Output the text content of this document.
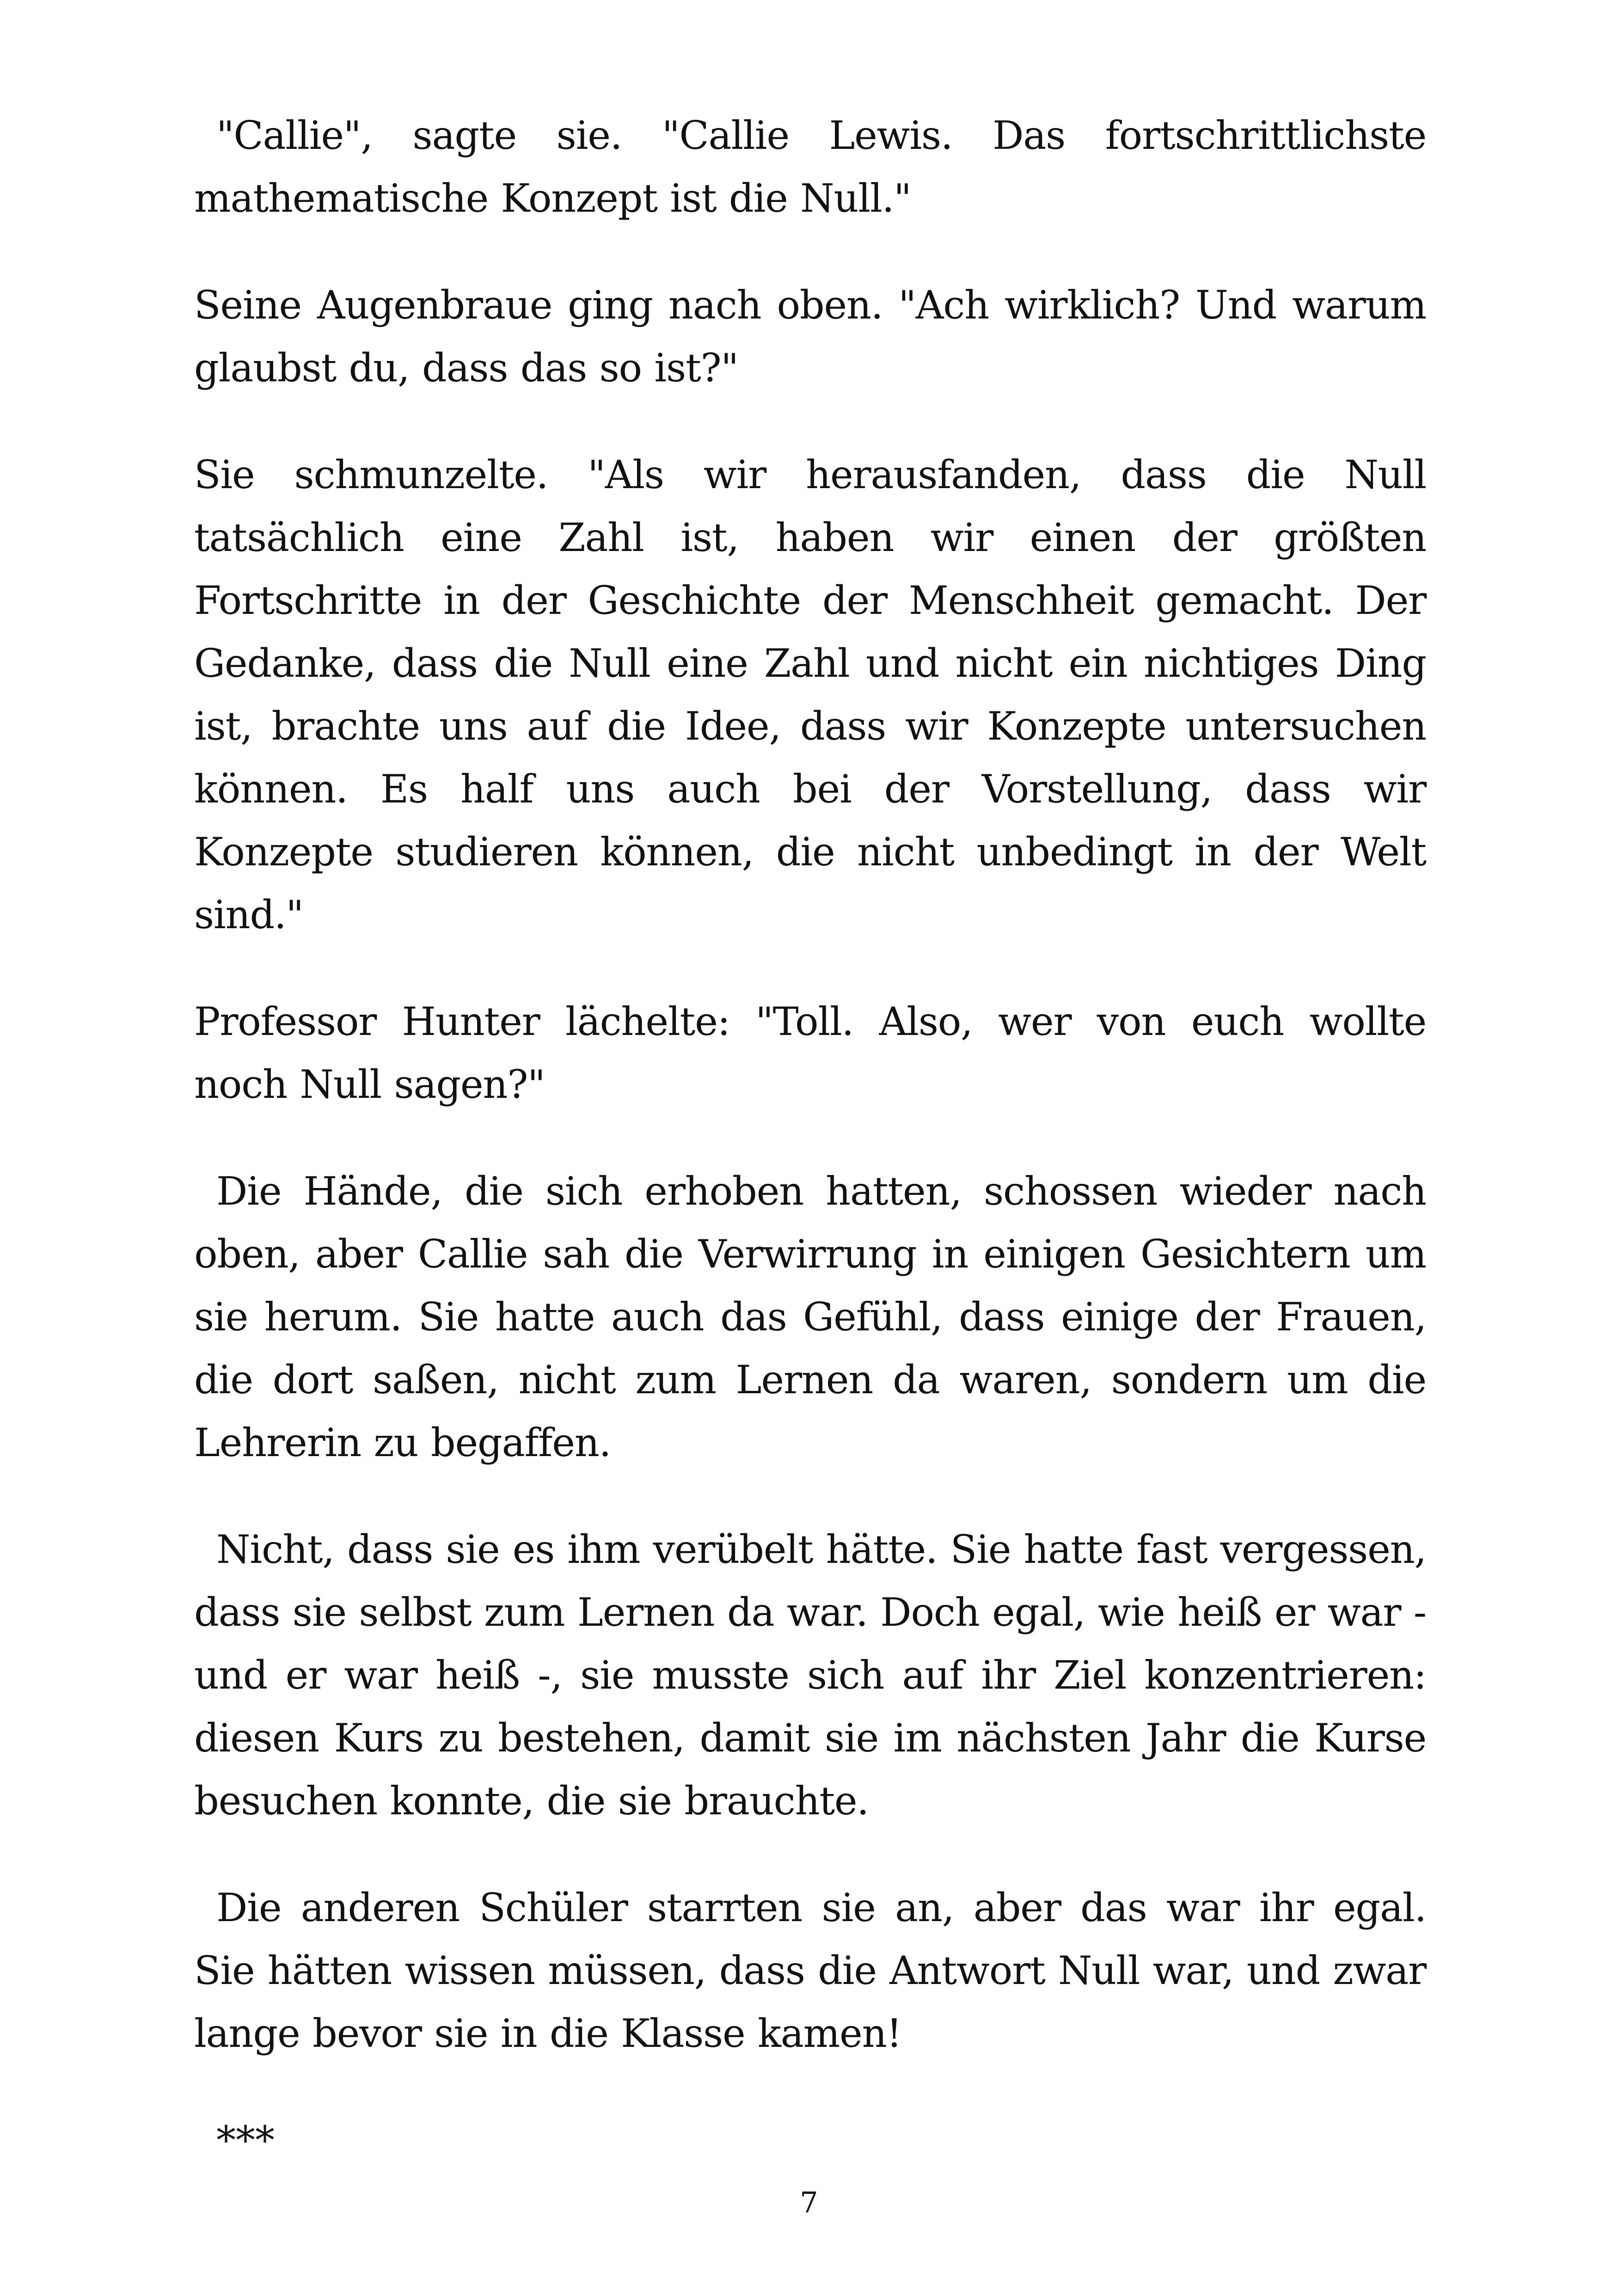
"Callie", sagte sie. "Callie Lewis. Das fortschrittlichste mathematische Konzept ist die Null."

Seine Augenbraue ging nach oben. "Ach wirklich? Und warum glaubst du, dass das so ist?"

Sie schmunzelte. "Als wir herausfanden, dass die Null tatsächlich eine Zahl ist, haben wir einen der größten Fortschritte in der Geschichte der Menschheit gemacht. Der Gedanke, dass die Null eine Zahl und nicht ein nichtiges Ding ist, brachte uns auf die Idee, dass wir Konzepte untersuchen können. Es half uns auch bei der Vorstellung, dass wir Konzepte studieren können, die nicht unbedingt in der Welt sind."

Professor Hunter lächelte: "Toll. Also, wer von euch wollte noch Null sagen?"

Die Hände, die sich erhoben hatten, schossen wieder nach oben, aber Callie sah die Verwirrung in einigen Gesichtern um sie herum. Sie hatte auch das Gefühl, dass einige der Frauen, die dort saßen, nicht zum Lernen da waren, sondern um die Lehrerin zu begaffen.

Nicht, dass sie es ihm verübelt hätte. Sie hatte fast vergessen, dass sie selbst zum Lernen da war. Doch egal, wie heiß er war - und er war heiß -, sie musste sich auf ihr Ziel konzentrieren: diesen Kurs zu bestehen, damit sie im nächsten Jahr die Kurse besuchen konnte, die sie brauchte.

Die anderen Schüler starrten sie an, aber das war ihr egal. Sie hätten wissen müssen, dass die Antwort Null war, und zwar lange bevor sie in die Klasse kamen!

***

7
